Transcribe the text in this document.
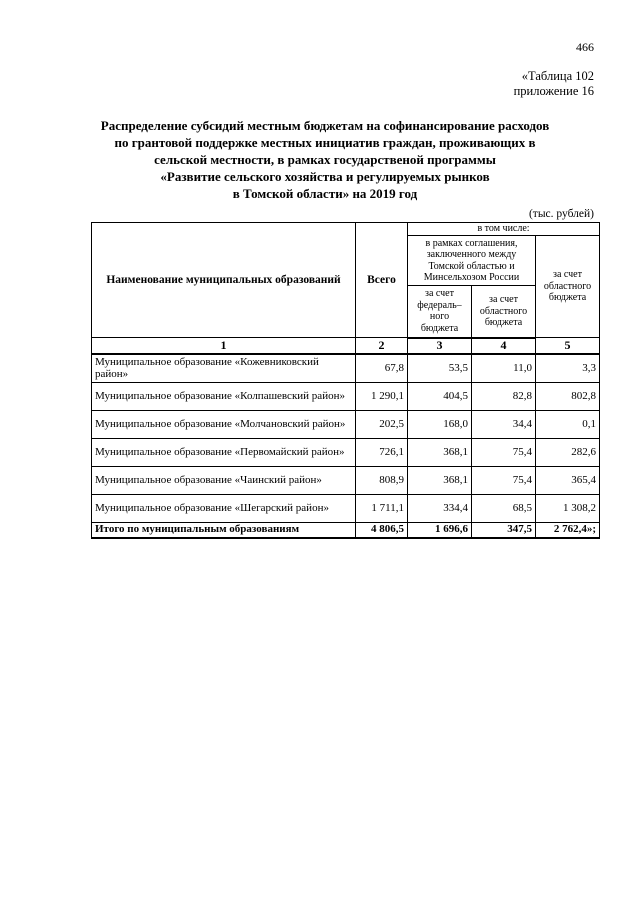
466
«Таблица 102
приложение 16
Распределение субсидий местным бюджетам на софинансирование расходов
по грантовой поддержке местных инициатив граждан, проживающих в
сельской местности, в рамках государственой программы
«Развитие сельского хозяйства и регулируемых рынков
в Томской области» на 2019 год
(тыс. рублей)
Наименование муниципальных образований	Всего	в том числе:		
		в рамках соглашения, заключенного между Томской областью и Минсельхозом России		за счет областного бюджета
		за счет федераль–ного бюджета	за счет областного бюджета	
1	2	3	4	5
Муниципальное образование «Кожевниковский район»	67,8	53,5	11,0	3,3
Муниципальное образование «Колпашевский район»	1 290,1	404,5	82,8	802,8
Муниципальное образование «Молчановский район»	202,5	168,0	34,4	0,1
Муниципальное образование «Первомайский район»	726,1	368,1	75,4	282,6
Муниципальное образование «Чаинский район»	808,9	368,1	75,4	365,4
Муниципальное образование «Шегарский район»	1 711,1	334,4	68,5	1 308,2
Итого по муниципальным образованиям	4 806,5	1 696,6	347,5	2 762,4»;
